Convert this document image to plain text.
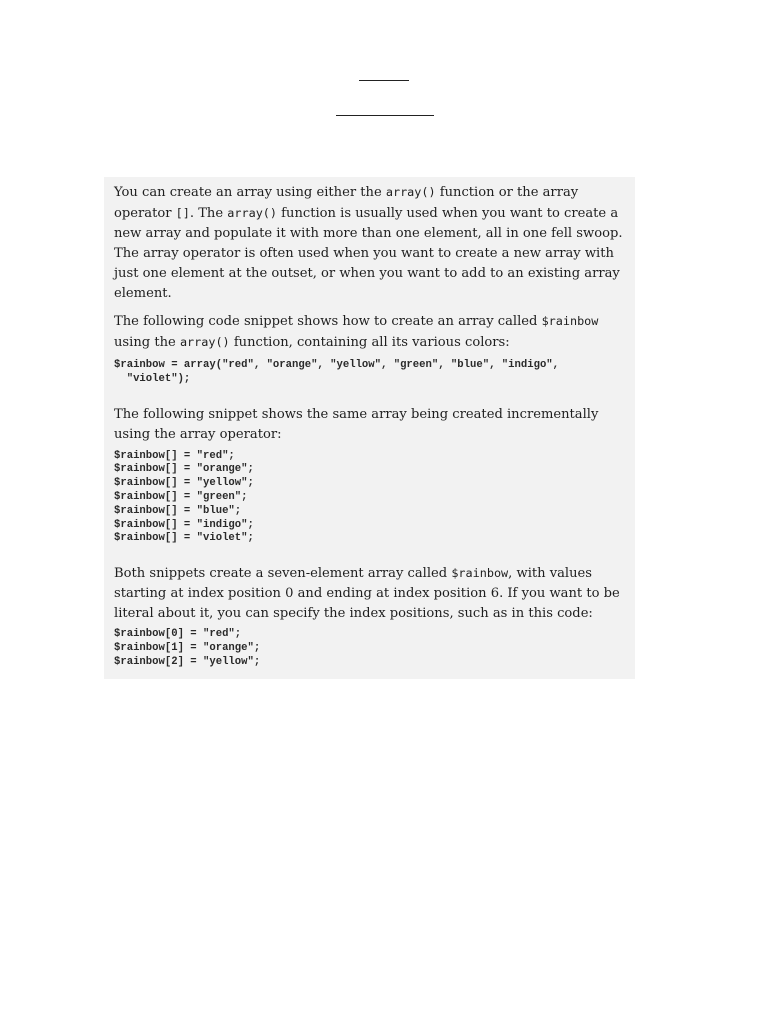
You can create an array using either the array() function or the array operator []. The array() function is usually used when you want to create a new array and populate it with more than one element, all in one fell swoop. The array operator is often used when you want to create a new array with just one element at the outset, or when you want to add to an existing array element.

The following code snippet shows how to create an array called $rainbow using the array() function, containing all its various colors:

$rainbow = array("red", "orange", "yellow", "green", "blue", "indigo",
"violet");

The following snippet shows the same array being created incrementally using the array operator:

$rainbow[] = "red";
$rainbow[] = "orange";
$rainbow[] = "yellow";
$rainbow[] = "green";
$rainbow[] = "blue";
$rainbow[] = "indigo";
$rainbow[] = "violet";

Both snippets create a seven-element array called $rainbow, with values starting at index position 0 and ending at index position 6. If you want to be literal about it, you can specify the index positions, such as in this code:

$rainbow[0] = "red";
$rainbow[1] = "orange";
$rainbow[2] = "yellow";
